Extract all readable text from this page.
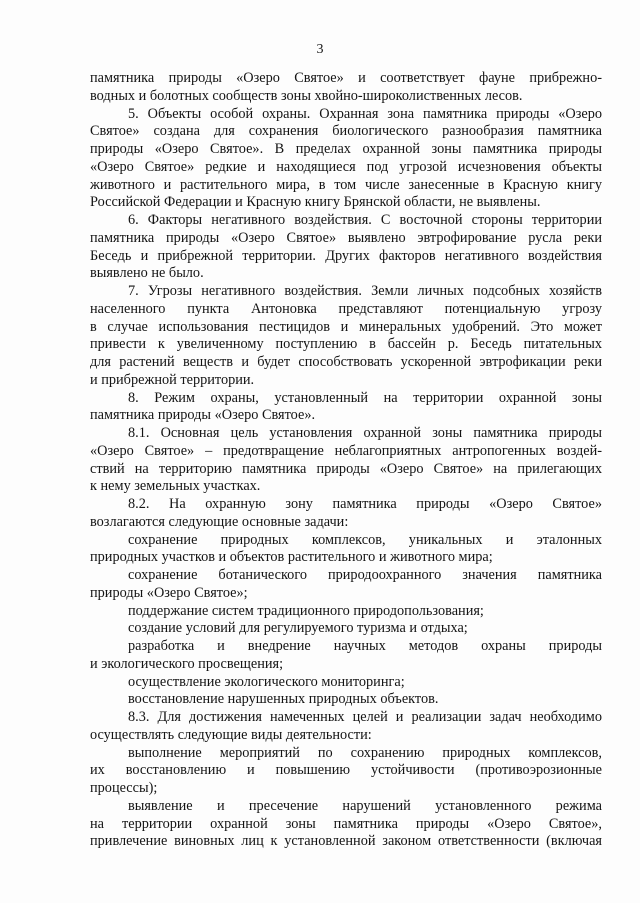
3
памятника природы «Озеро Святое» и соответствует фауне прибрежно-
водных и болотных сообществ зоны хвойно-широколиственных лесов.
5. Объекты особой охраны. Охранная зона памятника природы «Озеро
Святое» создана для сохранения биологического разнообразия памятника
природы «Озеро Святое». В пределах охранной зоны памятника природы
«Озеро Святое» редкие и находящиеся под угрозой исчезновения объекты
животного и растительного мира, в том числе занесенные в Красную книгу
Российской Федерации и Красную книгу Брянской области, не выявлены.
6. Факторы негативного воздействия. С восточной стороны территории
памятника природы «Озеро Святое» выявлено эвтрофирование русла реки
Беседь и прибрежной территории. Других факторов негативного воздействия
выявлено не было.
7. Угрозы негативного воздействия. Земли личных подсобных хозяйств
населенного пункта Антоновка представляют потенциальную угрозу
в случае использования пестицидов и минеральных удобрений. Это может
привести к увеличенному поступлению в бассейн р. Беседь питательных
для растений веществ и будет способствовать ускоренной эвтрофикации реки
и прибрежной территории.
8. Режим охраны, установленный на территории охранной зоны
памятника природы «Озеро Святое».
8.1. Основная цель установления охранной зоны памятника природы
«Озеро Святое» – предотвращение неблагоприятных антропогенных воздей-
ствий на территорию памятника природы «Озеро Святое» на прилегающих
к нему земельных участках.
8.2. На охранную зону памятника природы «Озеро Святое»
возлагаются следующие основные задачи:
сохранение природных комплексов, уникальных и эталонных
природных участков и объектов растительного и животного мира;
сохранение ботанического природоохранного значения памятника
природы «Озеро Святое»;
поддержание систем традиционного природопользования;
создание условий для регулируемого туризма и отдыха;
разработка и внедрение научных методов охраны природы
и экологического просвещения;
осуществление экологического мониторинга;
восстановление нарушенных природных объектов.
8.3. Для достижения намеченных целей и реализации задач необходимо
осуществлять следующие виды деятельности:
выполнение мероприятий по сохранению природных комплексов,
их восстановлению и повышению устойчивости (противоэрозионные
процессы);
выявление и пресечение нарушений установленного режима
на территории охранной зоны памятника природы «Озеро Святое»,
привлечение виновных лиц к установленной законом ответственности (включая
